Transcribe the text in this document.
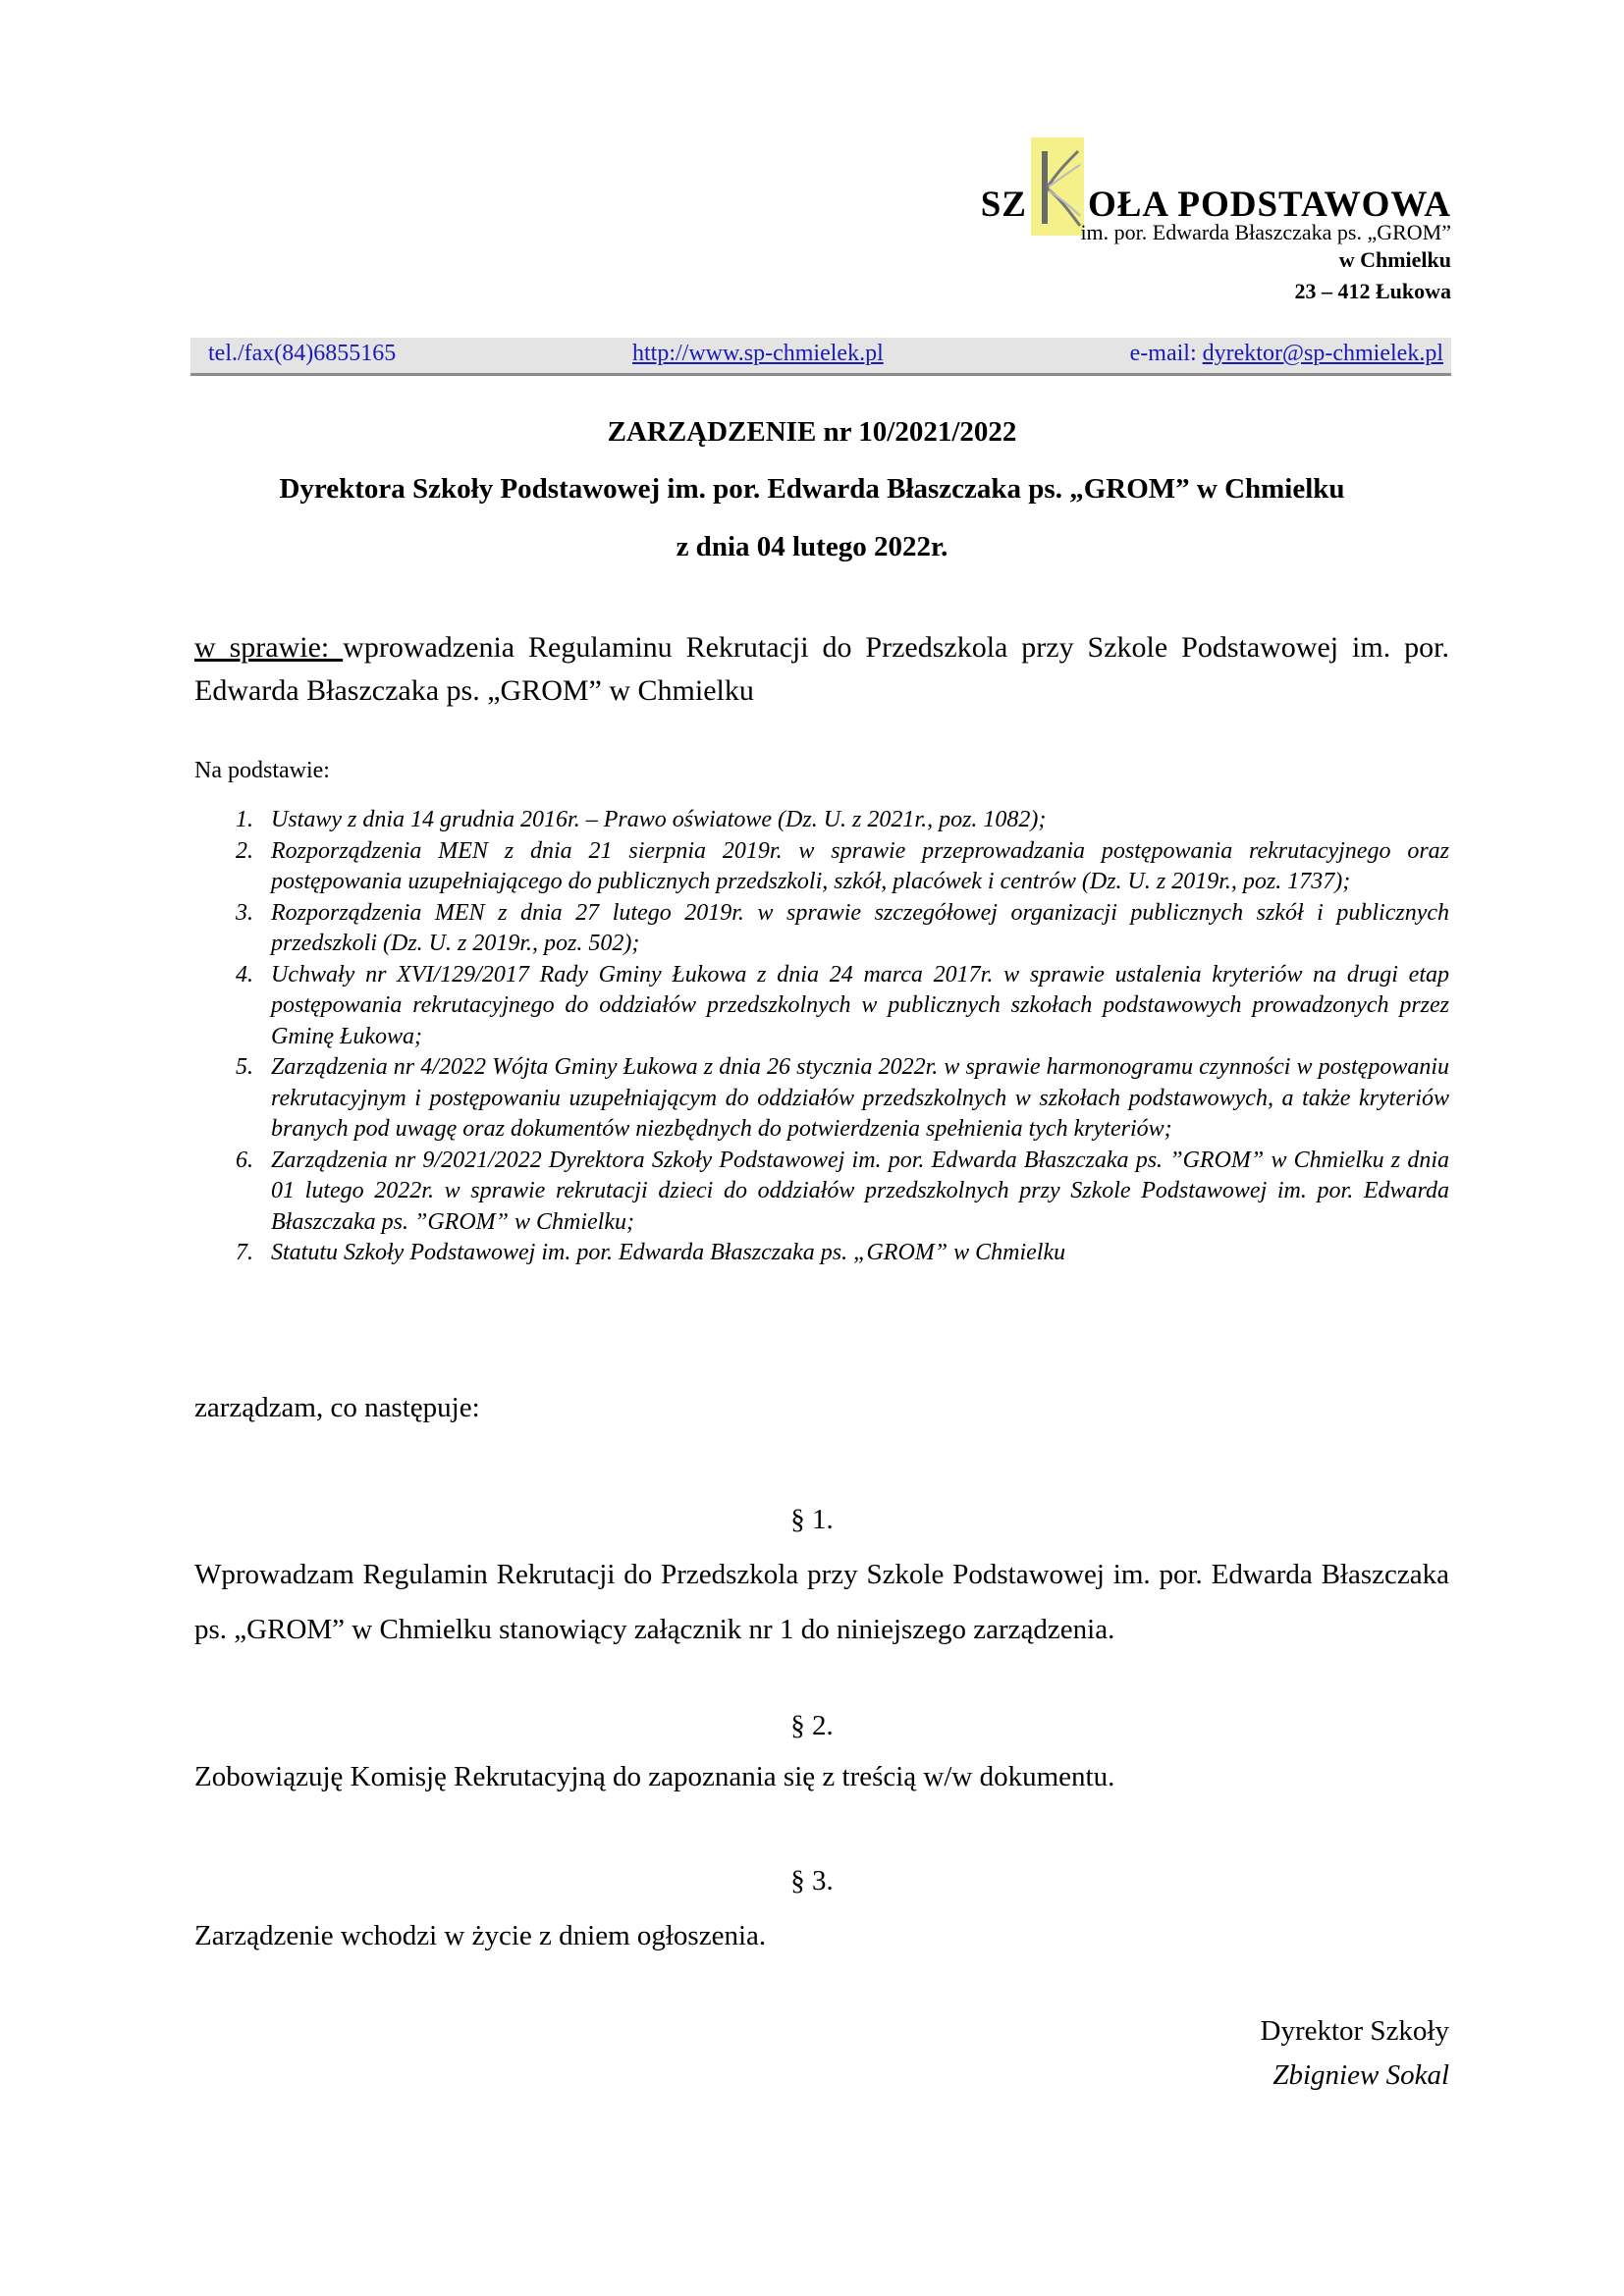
SZ OŁA PODSTAWOWA
im. por. Edwarda Błaszczaka ps. „GROM”
w Chmielku
23 – 412 Łukowa
tel./fax(84)6855165	http://www.sp-chmielek.pl	e-mail: dyrektor@sp-chmielek.pl
ZARZĄDZENIE nr 10/2021/2022
Dyrektora Szkoły Podstawowej im. por. Edwarda Błaszczaka ps. „GROM” w Chmielku
z dnia 04 lutego 2022r.
w sprawie: wprowadzenia Regulaminu Rekrutacji do Przedszkola przy Szkole Podstawowej im. por. Edwarda Błaszczaka ps. „GROM” w Chmielku
Na podstawie:
1. Ustawy z dnia 14 grudnia 2016r. – Prawo oświatowe (Dz. U. z 2021r., poz. 1082);
2. Rozporządzenia MEN z dnia 21 sierpnia 2019r. w sprawie przeprowadzania postępowania rekrutacyjnego oraz postępowania uzupełniającego do publicznych przedszkoli, szkół, placówek i centrów (Dz. U. z 2019r., poz. 1737);
3. Rozporządzenia MEN z dnia 27 lutego 2019r. w sprawie szczegółowej organizacji publicznych szkół i publicznych przedszkoli (Dz. U. z 2019r., poz. 502);
4. Uchwały nr XVI/129/2017 Rady Gminy Łukowa z dnia 24 marca 2017r. w sprawie ustalenia kryteriów na drugi etap postępowania rekrutacyjnego do oddziałów przedszkolnych w publicznych szkołach podstawowych prowadzonych przez Gminę Łukowa;
5. Zarządzenia nr 4/2022 Wójta Gminy Łukowa z dnia 26 stycznia 2022r. w sprawie harmonogramu czynności w postępowaniu rekrutacyjnym i postępowaniu uzupełniającym do oddziałów przedszkolnych w szkołach podstawowych, a także kryteriów branych pod uwagę oraz dokumentów niezbędnych do potwierdzenia spełnienia tych kryteriów;
6. Zarządzenia nr 9/2021/2022 Dyrektora Szkoły Podstawowej im. por. Edwarda Błaszczaka ps. ”GROM” w Chmielku z dnia 01 lutego 2022r. w sprawie rekrutacji dzieci do oddziałów przedszkolnych przy Szkole Podstawowej im. por. Edwarda Błaszczaka ps. ”GROM” w Chmielku;
7. Statutu Szkoły Podstawowej im. por. Edwarda Błaszczaka ps. „GROM” w Chmielku
zarządzam, co następuje:
§ 1.
Wprowadzam Regulamin Rekrutacji do Przedszkola przy Szkole Podstawowej im. por. Edwarda Błaszczaka ps. „GROM” w Chmielku stanowiący załącznik nr 1 do niniejszego zarządzenia.
§ 2.
Zobowiązuję Komisję Rekrutacyjną do zapoznania się z treścią w/w dokumentu.
§ 3.
Zarządzenie wchodzi w życie z dniem ogłoszenia.
Dyrektor Szkoły
Zbigniew Sokal
